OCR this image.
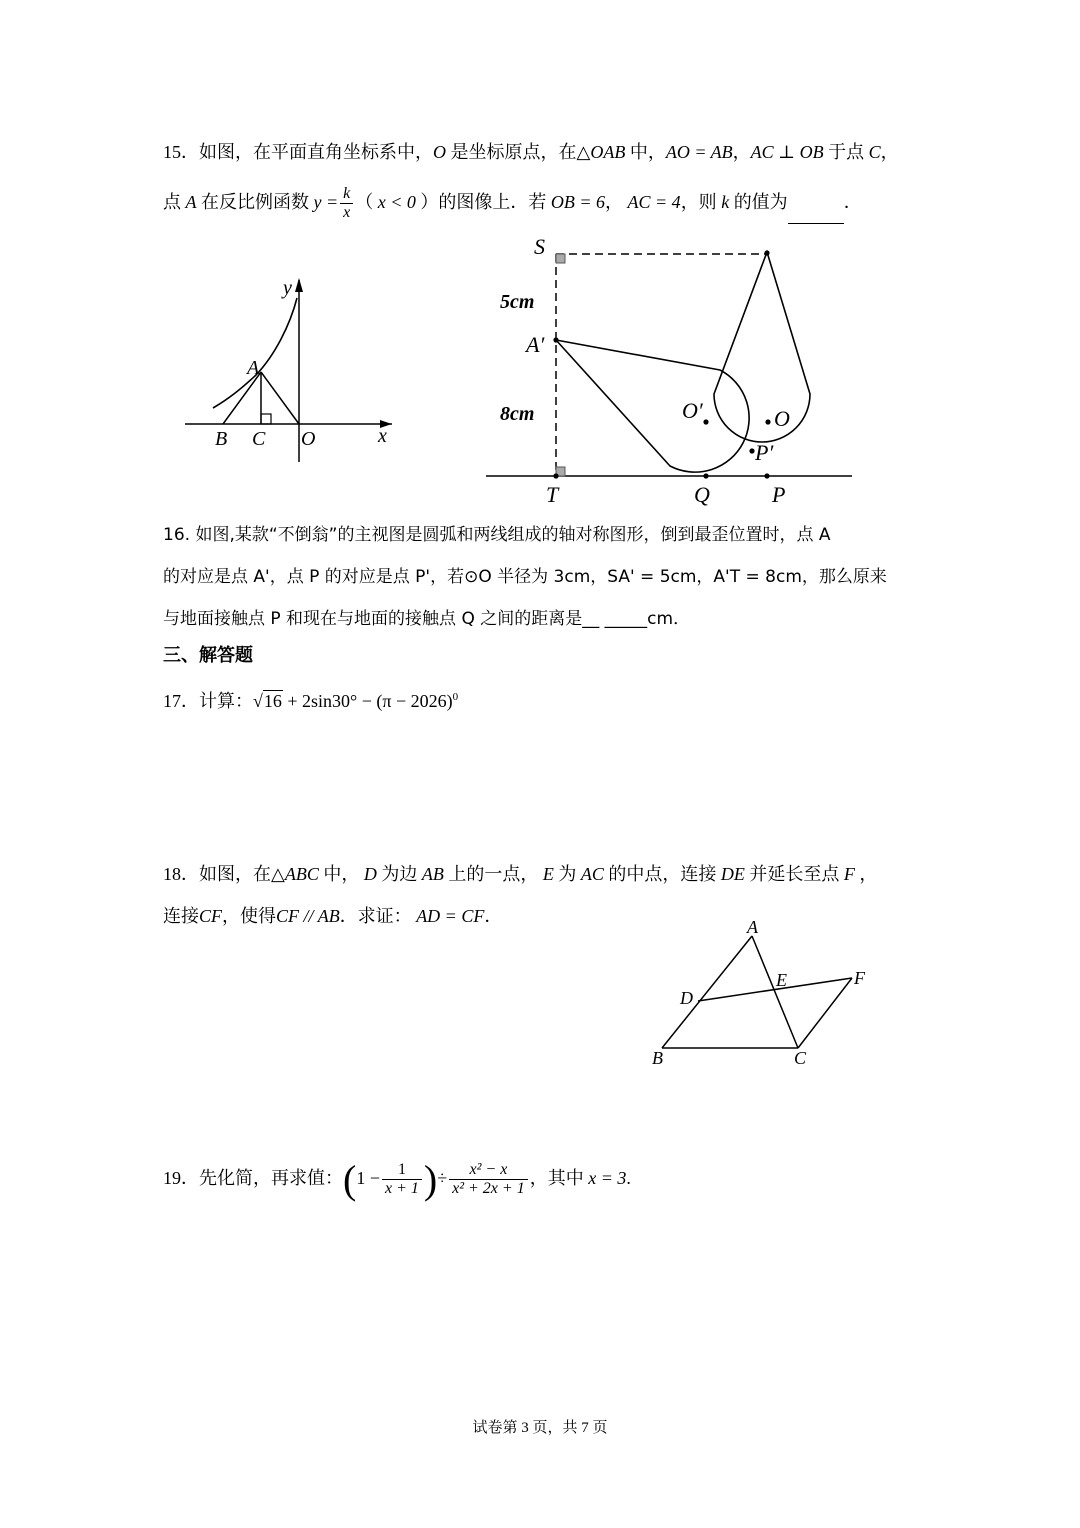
15．如图，在平面直角坐标系中，O 是坐标原点，在△OAB 中，AO = AB，AC ⊥ OB 于点 C，
点 A 在反比例函数 $y = \frac{k}{x}$ （ x < 0 ）的图像上．若 OB = 6， AC = 4，则 k 的值为	．
y
x
A
B C O
S
A′
T	Q	P
O′	O
P′
5cm
8cm
16. 如图,某款“不倒翁”的主视图是圆弧和两线组成的轴对称图形，倒到最歪位置时，点 A
的对应是点 A'，点 P 的对应是点 P'，若⊙O 半径为 3cm，SA' = 5cm，A'T = 8cm，那么原来
与地面接触点 P 和现在与地面的接触点 Q 之间的距离是__ _____cm．
三、解答题
17．计算：$√16 + 2\sin 30^\circ - (\pi - 2026)^0$
18．如图，在△ABC 中， D 为边 AB 上的一点， E 为 AC 的中点，连接 DE 并延长至点 F ，
连接CF，使得CF // AB．求证： AD = CF．
A
B	C
D
E	F
19．先化简，再求值：($1 - \frac{1}{x + 1}$ )÷ $\frac{\text{x² − x}}{\text{x² + 2x + 1}}$ ，其中 x = 3.
试卷第 3 页，共 7 页
